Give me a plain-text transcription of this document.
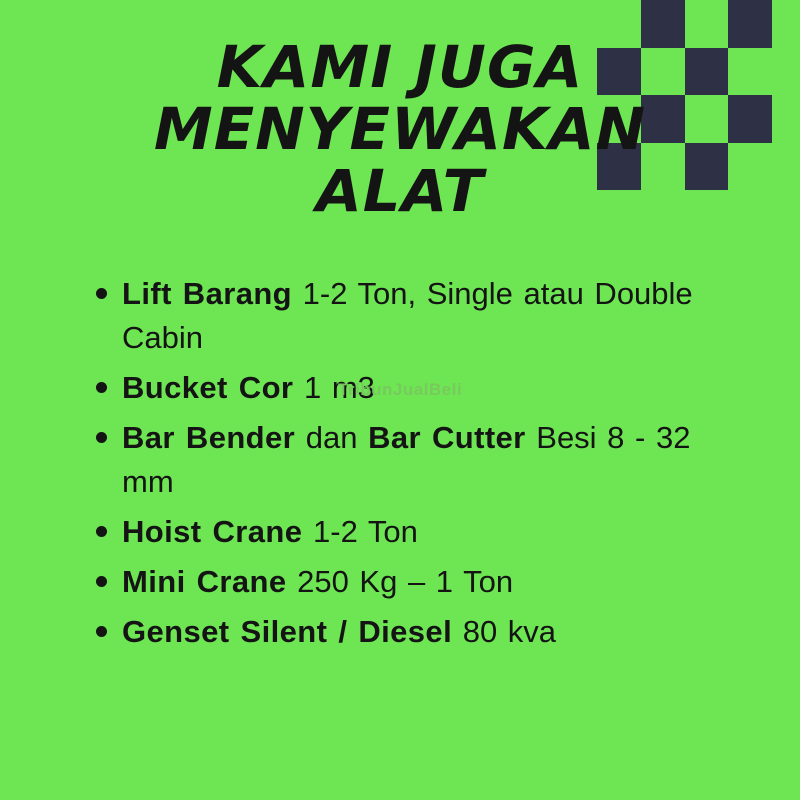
KAMI JUGA
MENYEWAKAN
ALAT
TribunJualBeli
Lift Barang 1-2 Ton, Single atau Double Cabin
Bucket Cor 1 m3
Bar Bender dan Bar Cutter Besi 8 - 32 mm
Hoist Crane 1-2 Ton
Mini Crane 250 Kg – 1 Ton
Genset Silent / Diesel 80 kva
